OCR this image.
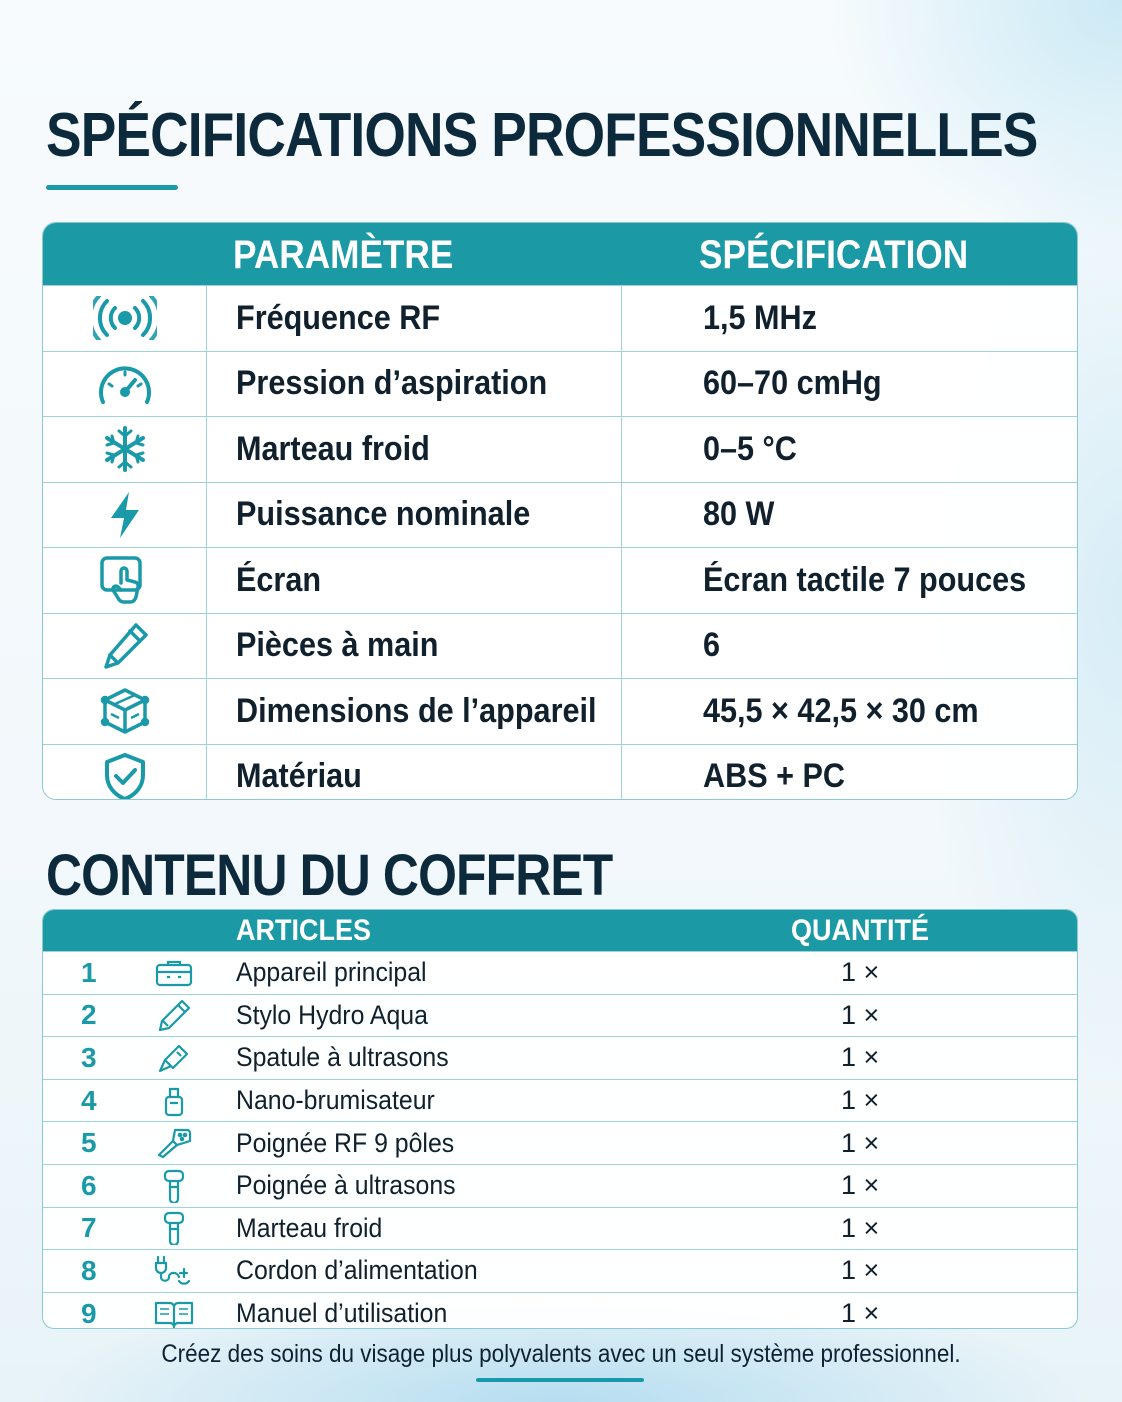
SPÉCIFICATIONS PROFESSIONNELLES
PARAMÈTRE	SPÉCIFICATION
Fréquence RF	1,5 MHz
Pression d’aspiration	60–70 cmHg
Marteau froid	0–5 °C
Puissance nominale	80 W
Écran	Écran tactile 7 pouces
Pièces à main	6
Dimensions de l’appareil	45,5 × 42,5 × 30 cm
Matériau	ABS + PC
CONTENU DU COFFRET
ARTICLES	QUANTITÉ
1	Appareil principal	1 ×
2	Stylo Hydro Aqua	1 ×
3	Spatule à ultrasons	1 ×
4	Nano-brumisateur	1 ×
5	Poignée RF 9 pôles	1 ×
6	Poignée à ultrasons	1 ×
7	Marteau froid	1 ×
8	Cordon d’alimentation	1 ×
9	Manuel d’utilisation	1 ×
Créez des soins du visage plus polyvalents avec un seul système professionnel.
